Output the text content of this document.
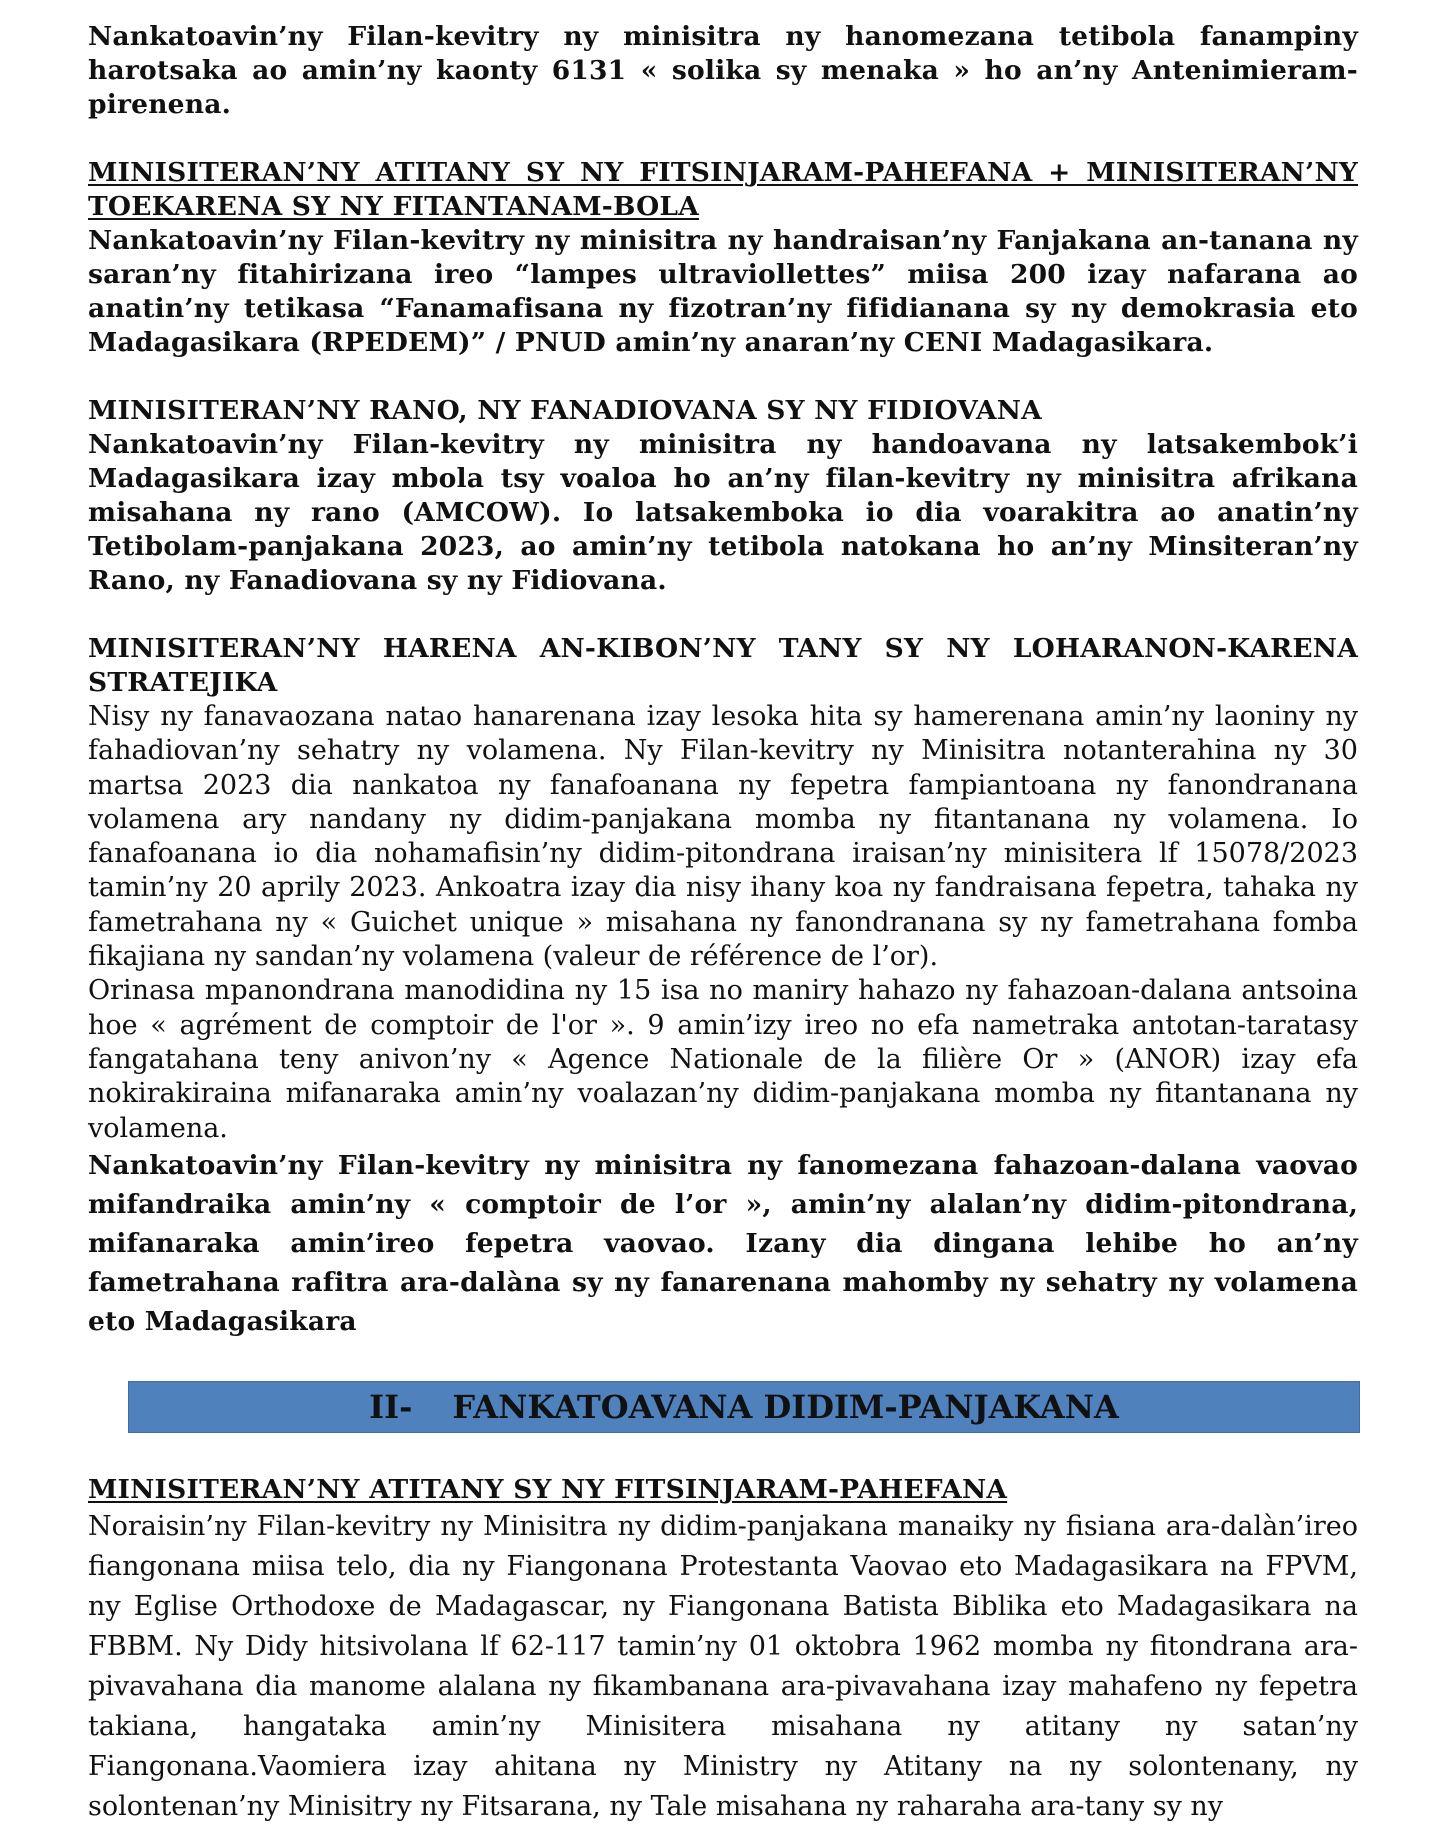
Nankatoavin’ny Filan-kevitry ny minisitra ny hanomezana tetibola fanampiny harotsaka ao amin’ny kaonty 6131 « solika sy menaka » ho an’ny Antenimieram-pirenena.

MINISITERAN’NY ATITANY SY NY FITSINJARAM-PAHEFANA + MINISITERAN’NY TOEKARENA SY NY FITANTANAM-BOLA

Nankatoavin’ny Filan-kevitry ny minisitra ny handraisan’ny Fanjakana an-tanana ny saran’ny fitahirizana ireo “lampes ultraviollettes” miisa 200 izay nafarana ao anatin’ny tetikasa “Fanamafisana ny fizotran’ny fifidianana sy ny demokrasia eto Madagasikara (RPEDEM)” / PNUD amin’ny anaran’ny CENI Madagasikara.

MINISITERAN’NY RANO, NY FANADIOVANA SY NY FIDIOVANA

Nankatoavin’ny Filan-kevitry ny minisitra ny handoavana ny latsakembok’i Madagasikara izay mbola tsy voaloa ho an’ny filan-kevitry ny minisitra afrikana misahana ny rano (AMCOW). Io latsakemboka io dia voarakitra ao anatin’ny Tetibolam-panjakana 2023, ao amin’ny tetibola natokana ho an’ny Minsiteran’ny Rano, ny Fanadiovana sy ny Fidiovana.

MINISITERAN’NY HARENA AN-KIBON’NY TANY SY NY LOHARANON-KARENA STRATEJIKA

Nisy ny fanavaozana natao hanarenana izay lesoka hita sy hamerenana amin’ny laoniny ny fahadiovan’ny sehatry ny volamena. Ny Filan-kevitry ny Minisitra notanterahina ny 30 martsa 2023 dia nankatoa ny fanafoanana ny fepetra fampiantoana ny fanondranana volamena ary nandany ny didim-panjakana momba ny fitantanana ny volamena. Io fanafoanana io dia nohamafisin’ny didim-pitondrana iraisan’ny minisitera lf 15078/2023 tamin’ny 20 aprily 2023. Ankoatra izay dia nisy ihany koa ny fandraisana fepetra, tahaka ny fametrahana ny « Guichet unique » misahana ny fanondranana sy ny fametrahana fomba fikajiana ny sandan’ny volamena (valeur de référence de l’or).

Orinasa mpanondrana manodidina ny 15 isa no maniry hahazo ny fahazoan-dalana antsoina hoe « agrément de comptoir de l'or ». 9 amin’izy ireo no efa nametraka antotan-taratasy fangatahana teny anivon’ny « Agence Nationale de la filière Or » (ANOR) izay efa nokirakiraina mifanaraka amin’ny voalazan’ny didim-panjakana momba ny fitantanana ny volamena.

Nankatoavin’ny Filan-kevitry ny minisitra ny fanomezana fahazoan-dalana vaovao mifandraika amin’ny « comptoir de l’or », amin’ny alalan’ny didim-pitondrana, mifanaraka amin’ireo fepetra vaovao. Izany dia dingana lehibe ho an’ny fametrahana rafitra ara-dalàna sy ny fanarenana mahomby ny sehatry ny volamena eto Madagasikara

II- FANKATOAVANA DIDIM-PANJAKANA

MINISITERAN’NY ATITANY SY NY FITSINJARAM-PAHEFANA

Noraisin’ny Filan-kevitry ny Minisitra ny didim-panjakana manaiky ny fisiana ara-dalàn’ireo fiangonana miisa telo, dia ny Fiangonana Protestanta Vaovao eto Madagasikara na FPVM, ny Eglise Orthodoxe de Madagascar, ny Fiangonana Batista Biblika eto Madagasikara na FBBM. Ny Didy hitsivolana lf 62-117 tamin’ny 01 oktobra 1962 momba ny fitondrana ara-pivavahana dia manome alalana ny fikambanana ara-pivavahana izay mahafeno ny fepetra takiana, hangataka amin’ny Minisitera misahana ny atitany ny satan’ny Fiangonana.Vaomiera izay ahitana ny Ministry ny Atitany na ny solontenany, ny solontenan’ny Minisitry ny Fitsarana, ny Tale misahana ny raharaha ara-tany sy ny
